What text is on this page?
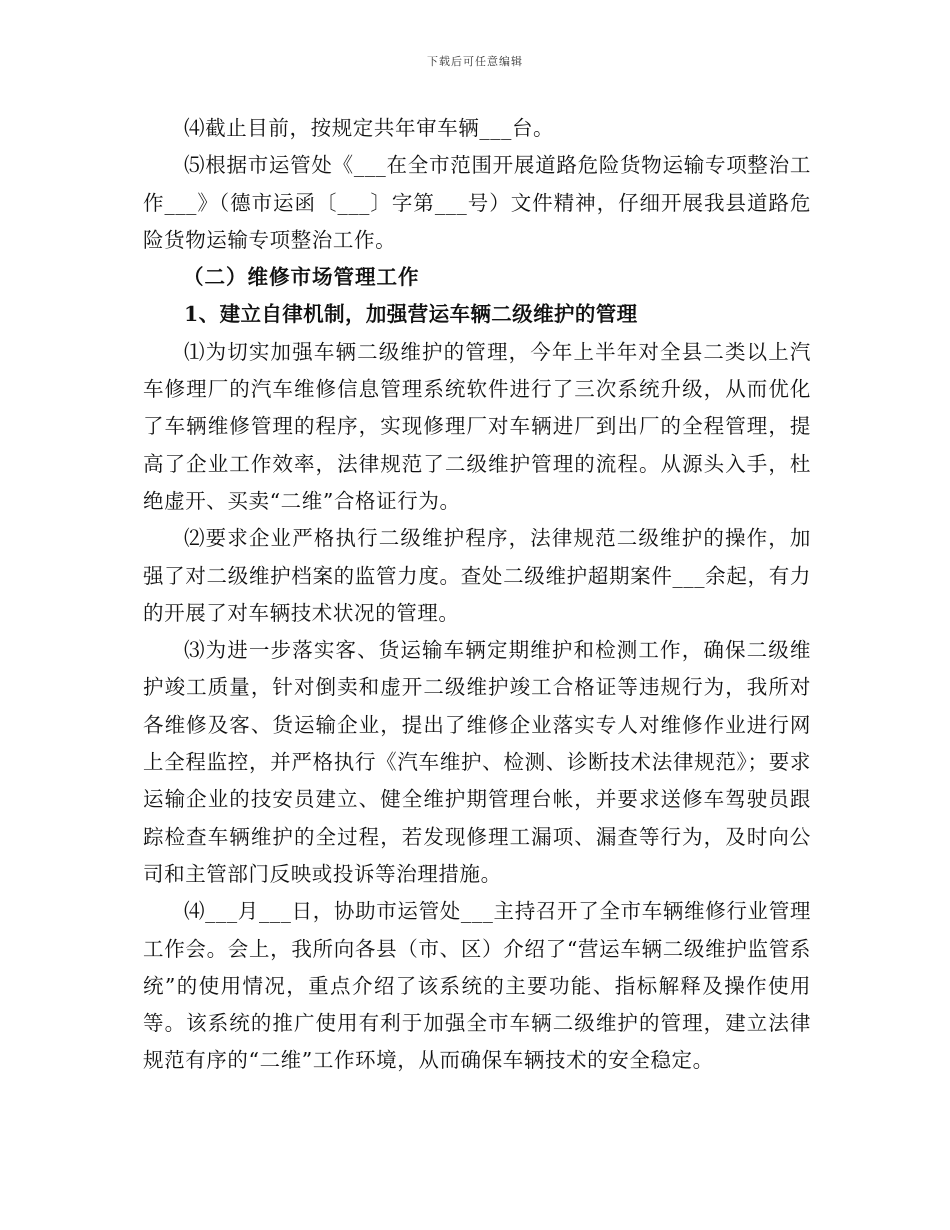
下载后可任意编辑

⑷截止目前，按规定共年审车辆___台。

⑸根据市运管处《___在全市范围开展道路危险货物运输专项整治工作___》（德市运函〔___〕字第___号）文件精神，仔细开展我县道路危险货物运输专项整治工作。

（二）维修市场管理工作

1、建立自律机制，加强营运车辆二级维护的管理

⑴为切实加强车辆二级维护的管理，今年上半年对全县二类以上汽车修理厂的汽车维修信息管理系统软件进行了三次系统升级，从而优化了车辆维修管理的程序，实现修理厂对车辆进厂到出厂的全程管理，提高了企业工作效率，法律规范了二级维护管理的流程。从源头入手，杜绝虚开、买卖“二维”合格证行为。

⑵要求企业严格执行二级维护程序，法律规范二级维护的操作，加强了对二级维护档案的监管力度。查处二级维护超期案件___余起，有力的开展了对车辆技术状况的管理。

⑶为进一步落实客、货运输车辆定期维护和检测工作，确保二级维护竣工质量，针对倒卖和虚开二级维护竣工合格证等违规行为，我所对各维修及客、货运输企业，提出了维修企业落实专人对维修作业进行网上全程监控，并严格执行《汽车维护、检测、诊断技术法律规范》；要求运输企业的技安员建立、健全维护期管理台帐，并要求送修车驾驶员跟踪检查车辆维护的全过程，若发现修理工漏项、漏查等行为，及时向公司和主管部门反映或投诉等治理措施。

⑷___月___日，协助市运管处___主持召开了全市车辆维修行业管理工作会。会上，我所向各县（市、区）介绍了“营运车辆二级维护监管系统”的使用情况，重点介绍了该系统的主要功能、指标解释及操作使用等。该系统的推广使用有利于加强全市车辆二级维护的管理，建立法律规范有序的“二维”工作环境，从而确保车辆技术的安全稳定。
